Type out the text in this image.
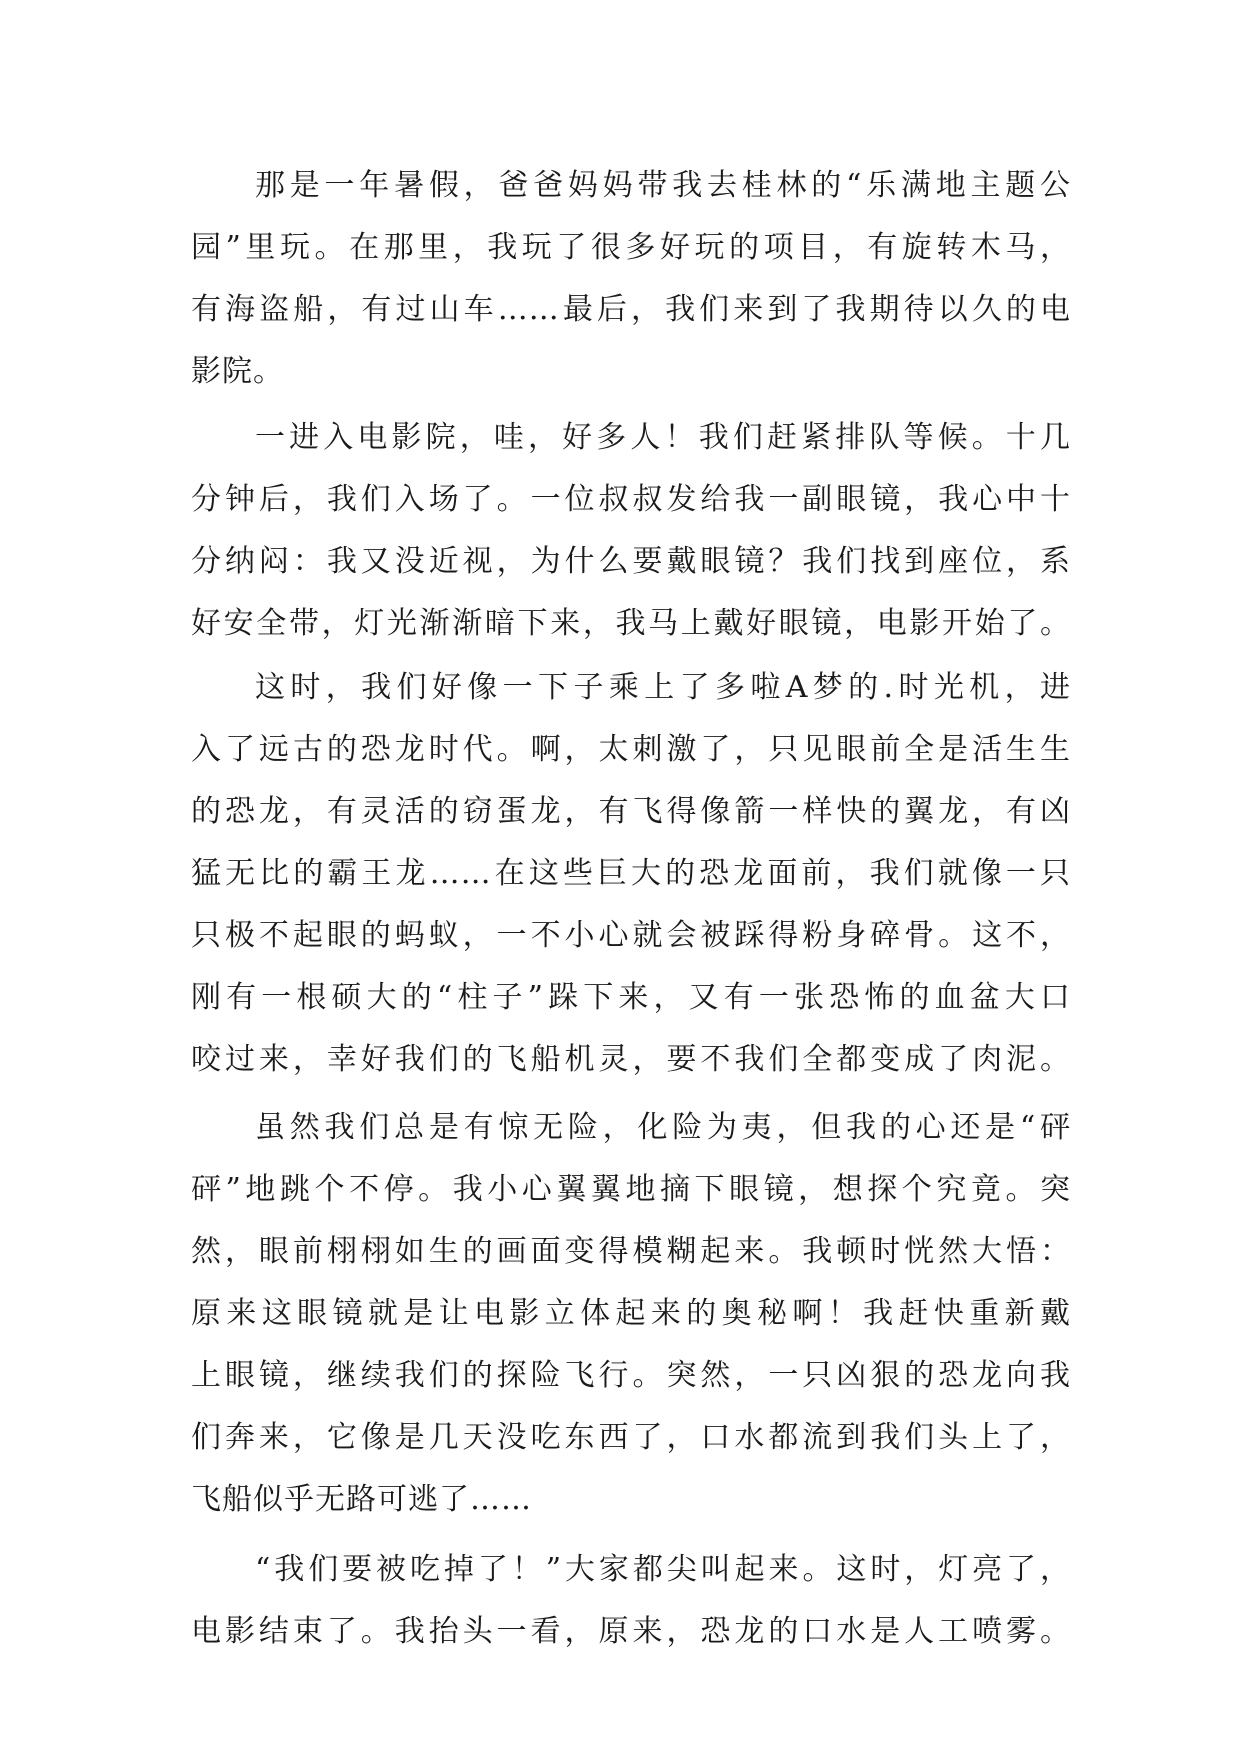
那是一年暑假，爸爸妈妈带我去桂林的“乐满地主题公
园”里玩。在那里，我玩了很多好玩的项目，有旋转木马，
有海盗船，有过山车……最后，我们来到了我期待以久的电
影院。
一进入电影院，哇，好多人！我们赶紧排队等候。十几
分钟后，我们入场了。一位叔叔发给我一副眼镜，我心中十
分纳闷：我又没近视，为什么要戴眼镜？我们找到座位，系
好安全带，灯光渐渐暗下来，我马上戴好眼镜，电影开始了。
这时，我们好像一下子乘上了多啦A梦的.时光机，进
入了远古的恐龙时代。啊，太刺激了，只见眼前全是活生生
的恐龙，有灵活的窃蛋龙，有飞得像箭一样快的翼龙，有凶
猛无比的霸王龙……在这些巨大的恐龙面前，我们就像一只
只极不起眼的蚂蚁，一不小心就会被踩得粉身碎骨。这不，
刚有一根硕大的“柱子”跺下来，又有一张恐怖的血盆大口
咬过来，幸好我们的飞船机灵，要不我们全都变成了肉泥。
虽然我们总是有惊无险，化险为夷，但我的心还是“砰
砰”地跳个不停。我小心翼翼地摘下眼镜，想探个究竟。突
然，眼前栩栩如生的画面变得模糊起来。我顿时恍然大悟：
原来这眼镜就是让电影立体起来的奥秘啊！我赶快重新戴
上眼镜，继续我们的探险飞行。突然，一只凶狠的恐龙向我
们奔来，它像是几天没吃东西了，口水都流到我们头上了，
飞船似乎无路可逃了……
“我们要被吃掉了！”大家都尖叫起来。这时，灯亮了，
电影结束了。我抬头一看，原来，恐龙的口水是人工喷雾。
